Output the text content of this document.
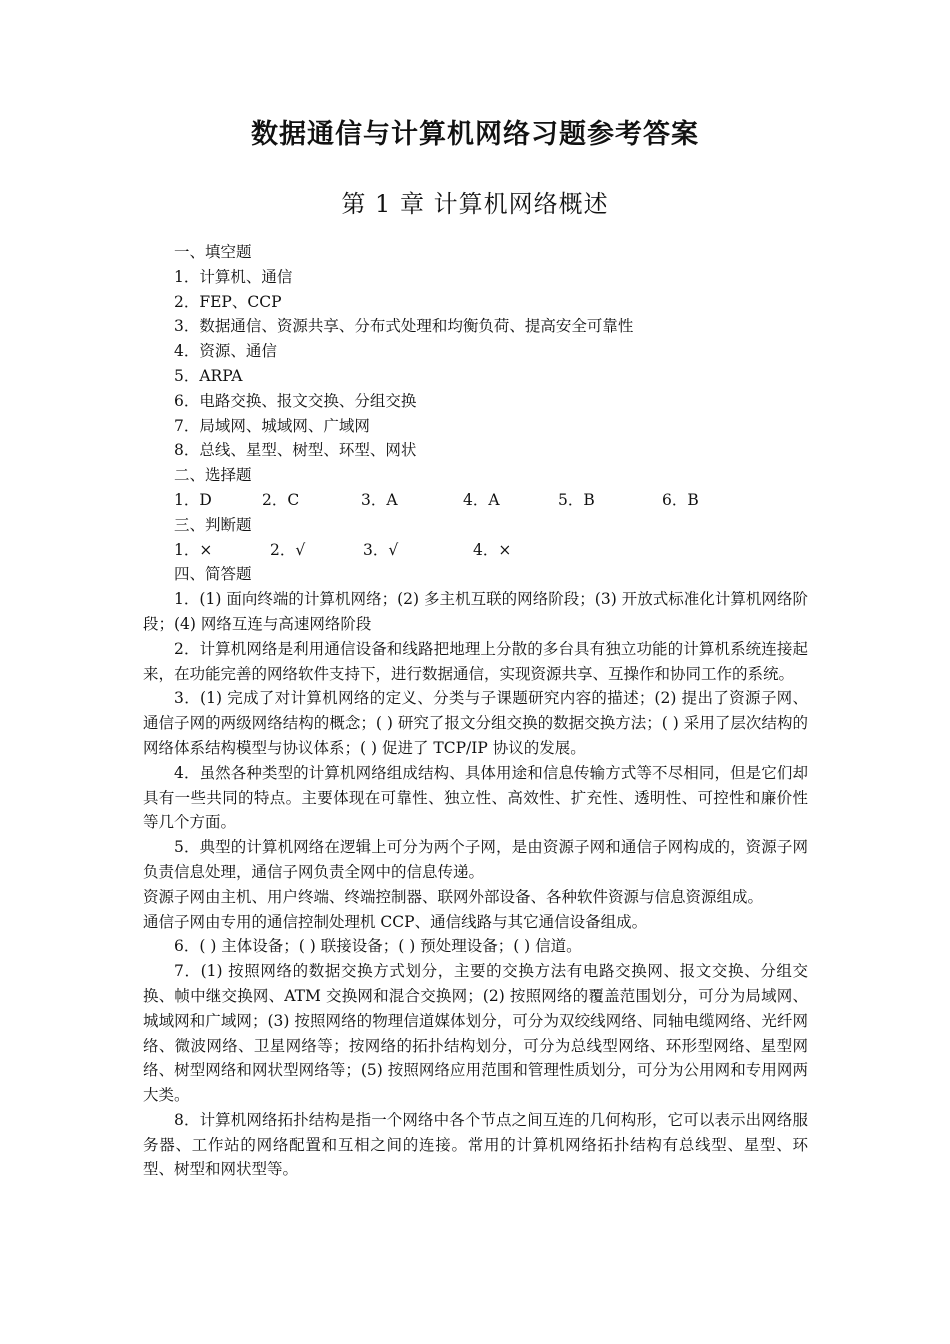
数据通信与计算机网络习题参考答案
第 1 章 计算机网络概述
一、填空题
1．计算机、通信
2．FEP、CCP
3．数据通信、资源共享、分布式处理和均衡负荷、提高安全可靠性
4．资源、通信
5．ARPA
6．电路交换、报文交换、分组交换
7．局域网、城域网、广域网
8．总线、星型、树型、环型、网状
二、选择题
1．D	2．C	3．A	4．A	5．B	6．B
三、判断题
1．×	2．√	3．√	4．×
四、简答题
1．(1) 面向终端的计算机网络；(2) 多主机互联的网络阶段；(3) 开放式标准化计算机网络阶段；(4) 网络互连与高速网络阶段
2．计算机网络是利用通信设备和线路把地理上分散的多台具有独立功能的计算机系统连接起来，在功能完善的网络软件支持下，进行数据通信，实现资源共享、互操作和协同工作的系统。
3．(1) 完成了对计算机网络的定义、分类与子课题研究内容的描述；(2) 提出了资源子网、通信子网的两级网络结构的概念；( ) 研究了报文分组交换的数据交换方法；( ) 采用了层次结构的网络体系结构模型与协议体系；( ) 促进了 TCP/IP 协议的发展。
4．虽然各种类型的计算机网络组成结构、具体用途和信息传输方式等不尽相同，但是它们却具有一些共同的特点。主要体现在可靠性、独立性、高效性、扩充性、透明性、可控性和廉价性等几个方面。
5．典型的计算机网络在逻辑上可分为两个子网，是由资源子网和通信子网构成的，资源子网负责信息处理，通信子网负责全网中的信息传递。
资源子网由主机、用户终端、终端控制器、联网外部设备、各种软件资源与信息资源组成。
通信子网由专用的通信控制处理机 CCP、通信线路与其它通信设备组成。
6．( ) 主体设备；( ) 联接设备；( ) 预处理设备；( ) 信道。
7．(1) 按照网络的数据交换方式划分，主要的交换方法有电路交换网、报文交换、分组交换、帧中继交换网、ATM 交换网和混合交换网；(2) 按照网络的覆盖范围划分，可分为局域网、城域网和广域网；(3) 按照网络的物理信道媒体划分，可分为双绞线网络、同轴电缆网络、光纤网络、微波网络、卫星网络等；按网络的拓扑结构划分，可分为总线型网络、环形型网络、星型网络、树型网络和网状型网络等；(5) 按照网络应用范围和管理性质划分，可分为公用网和专用网两大类。
8．计算机网络拓扑结构是指一个网络中各个节点之间互连的几何构形，它可以表示出网络服务器、工作站的网络配置和互相之间的连接。常用的计算机网络拓扑结构有总线型、星型、环型、树型和网状型等。
